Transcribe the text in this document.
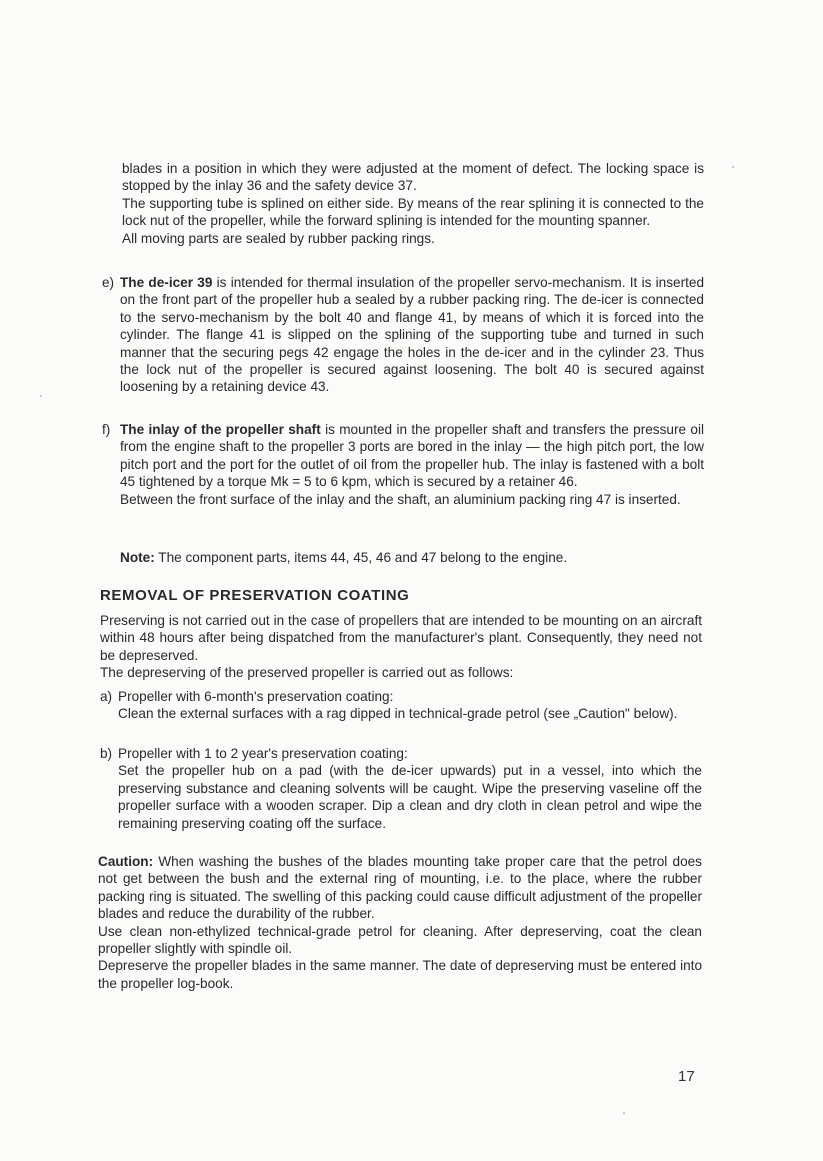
blades in a position in which they were adjusted at the moment of defect. The locking space is stopped by the inlay 36 and the safety device 37.

The supporting tube is splined on either side. By means of the rear splining it is connected to the lock nut of the propeller, while the forward splining is intended for the mounting spanner.

All moving parts are sealed by rubber packing rings.

e) The de-icer 39 is intended for thermal insulation of the propeller servo-mechanism. It is inserted on the front part of the propeller hub a sealed by a rubber packing ring. The de-icer is connected to the servo-mechanism by the bolt 40 and flange 41, by means of which it is forced into the cylinder. The flange 41 is slipped on the splining of the supporting tube and turned in such manner that the securing pegs 42 engage the holes in the de-icer and in the cylinder 23. Thus the lock nut of the propeller is secured against loosening. The bolt 40 is secured against loosening by a retaining device 43.

f) The inlay of the propeller shaft is mounted in the propeller shaft and transfers the pressure oil from the engine shaft to the propeller 3 ports are bored in the inlay — the high pitch port, the low pitch port and the port for the outlet of oil from the propeller hub. The inlay is fastened with a bolt 45 tightened by a torque Mk = 5 to 6 kpm, which is secured by a retainer 46.

Between the front surface of the inlay and the shaft, an aluminium packing ring 47 is inserted.

Note: The component parts, items 44, 45, 46 and 47 belong to the engine.
REMOVAL OF PRESERVATION COATING

Preserving is not carried out in the case of propellers that are intended to be mounting on an aircraft within 48 hours after being dispatched from the manufacturer's plant. Consequently, they need not be depreserved.

The depreserving of the preserved propeller is carried out as follows:

a) Propeller with 6-month's preservation coating:
Clean the external surfaces with a rag dipped in technical-grade petrol (see „Caution" below).
b) Propeller with 1 to 2 year's preservation coating:
Set the propeller hub on a pad (with the de-icer upwards) put in a vessel, into which the preserving substance and cleaning solvents will be caught. Wipe the preserving vaseline off the propeller surface with a wooden scraper. Dip a clean and dry cloth in clean petrol and wipe the remaining preserving coating off the surface.

Caution: When washing the bushes of the blades mounting take proper care that the petrol does not get between the bush and the external ring of mounting, i.e. to the place, where the rubber packing ring is situated. The swelling of this packing could cause difficult adjustment of the propeller blades and reduce the durability of the rubber.

Use clean non-ethylized technical-grade petrol for cleaning. After depreserving, coat the clean propeller slightly with spindle oil.

Depreserve the propeller blades in the same manner. The date of depreserving must be entered into the propeller log-book.

17
